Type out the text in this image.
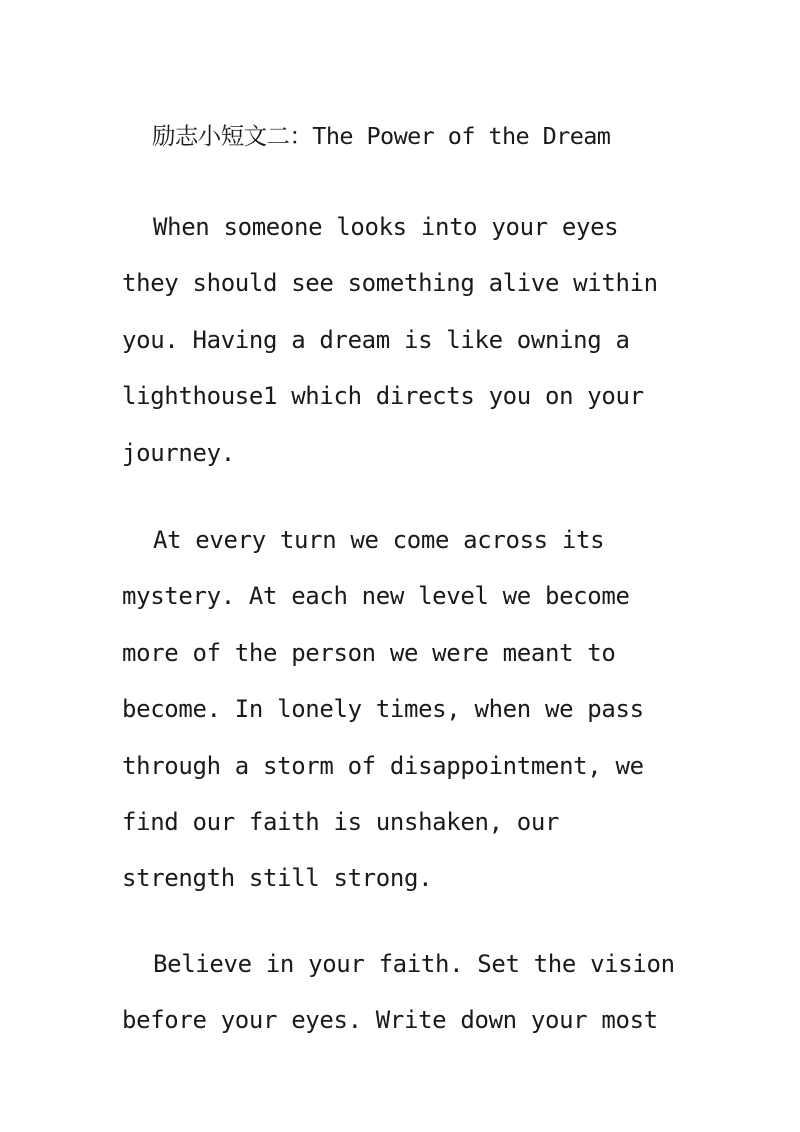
励志小短文二：The Power of the Dream
When someone looks into your eyes
they should see something alive within
you. Having a dream is like owning a
lighthouse1 which directs you on your
journey.
At every turn we come across its
mystery. At each new level we become
more of the person we were meant to
become. In lonely times, when we pass
through a storm of disappointment, we
find our faith is unshaken, our
strength still strong.
Believe in your faith. Set the vision
before your eyes. Write down your most
